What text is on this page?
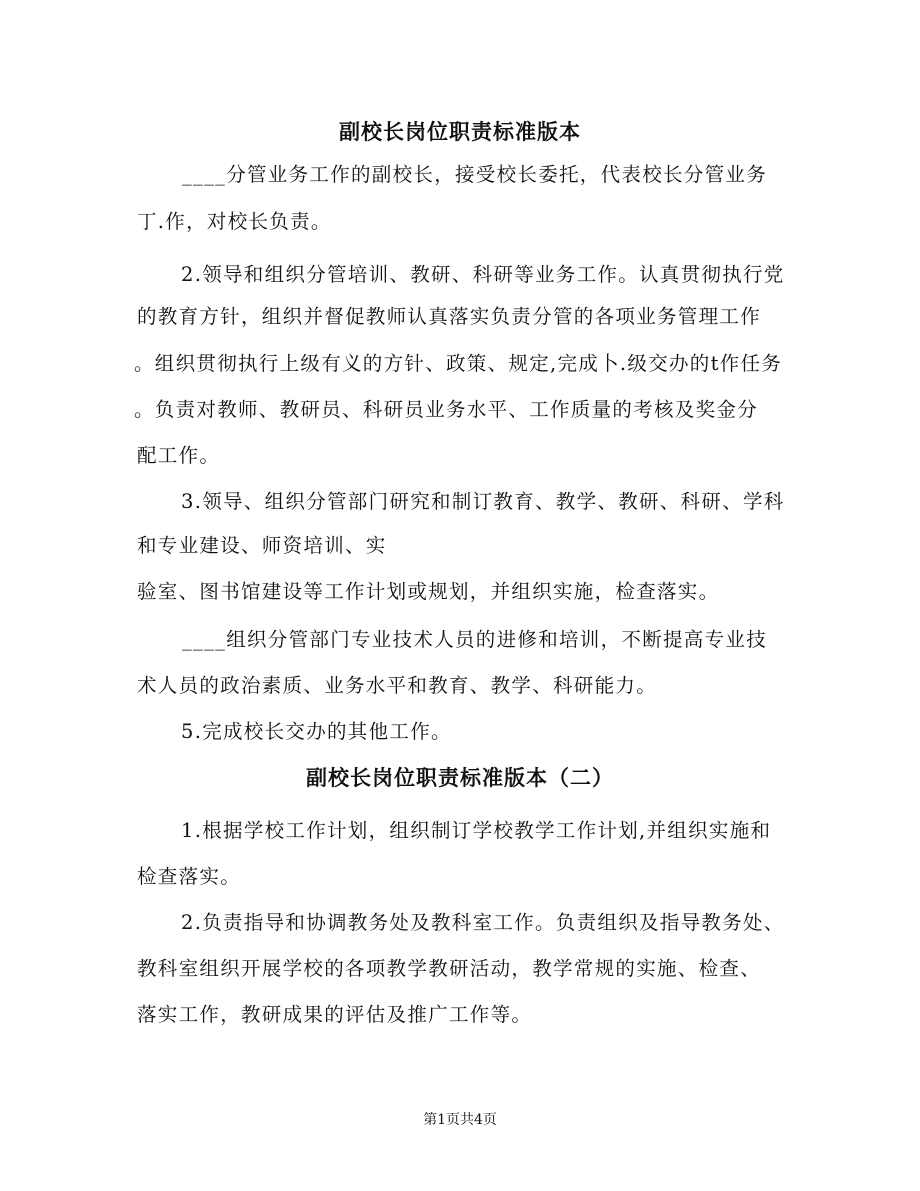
副校长岗位职责标准版本
____分管业务工作的副校长，接受校长委托，代表校长分管业务
丁.作，对校长负责。
2.领导和组织分管培训、教研、科研等业务工作。认真贯彻执行党
的教育方针，组织并督促教师认真落实负责分管的各项业务管理工作
。组织贯彻执行上级有义的方针、政策、规定,完成卜.级交办的t作任务
。负责对教师、教研员、科研员业务水平、工作质量的考核及奖金分
配工作。
3.领导、组织分管部门研究和制订教育、教学、教研、科研、学科
和专业建设、师资培训、实
验室、图书馆建设等工作计划或规划，并组织实施，检查落实。
____组织分管部门专业技术人员的进修和培训，不断提高专业技
术人员的政治素质、业务水平和教育、教学、科研能力。
5.完成校长交办的其他工作。
副校长岗位职责标准版本（二）
1.根据学校工作计划，组织制订学校教学工作计划,并组织实施和
检查落实。
2.负责指导和协调教务处及教科室工作。负责组织及指导教务处、
教科室组织开展学校的各项教学教研活动，教学常规的实施、检查、
落实工作，教研成果的评估及推广工作等。
第1页共4页
